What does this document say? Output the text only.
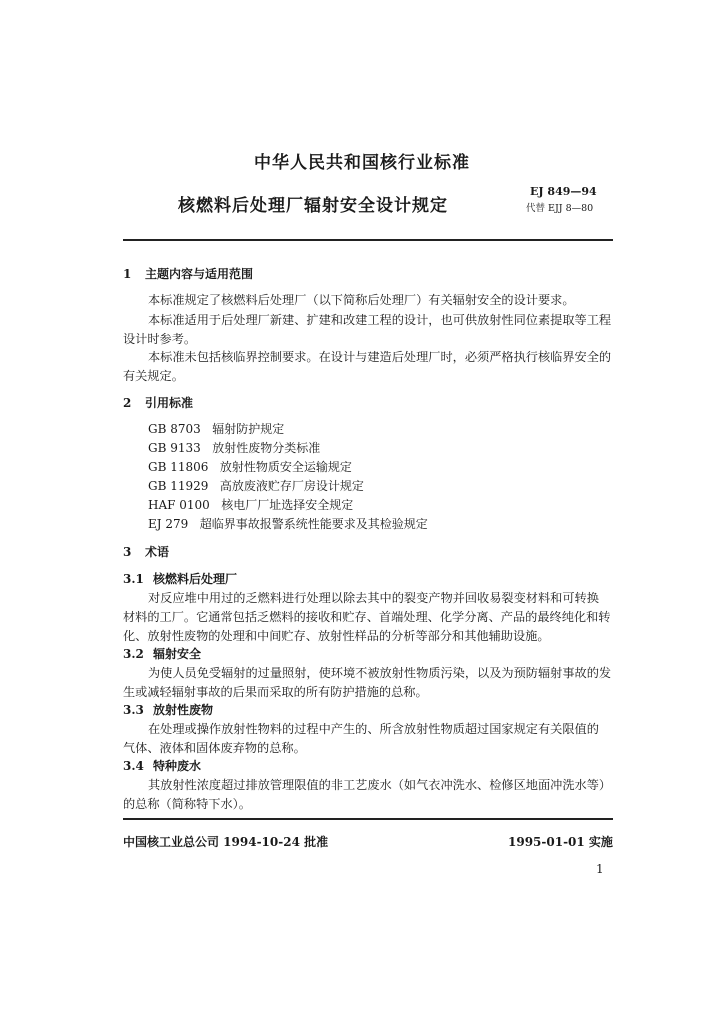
中华人民共和国核行业标准
核燃料后处理厂辐射安全设计规定
EJ 849—94
代替 EJJ 8—80
1 主题内容与适用范围
本标准规定了核燃料后处理厂（以下简称后处理厂）有关辐射安全的设计要求。
本标准适用于后处理厂新建、扩建和改建工程的设计，也可供放射性同位素提取等工程
设计时参考。
本标准未包括核临界控制要求。在设计与建造后处理厂时，必须严格执行核临界安全的
有关规定。
2 引用标准
GB 8703 辐射防护规定
GB 9133 放射性废物分类标准
GB 11806 放射性物质安全运输规定
GB 11929 高放废液贮存厂房设计规定
HAF 0100 核电厂厂址选择安全规定
EJ 279 超临界事故报警系统性能要求及其检验规定
3 术语
3.1 核燃料后处理厂
对反应堆中用过的乏燃料进行处理以除去其中的裂变产物并回收易裂变材料和可转换
材料的工厂。它通常包括乏燃料的接收和贮存、首端处理、化学分离、产品的最终纯化和转
化、放射性废物的处理和中间贮存、放射性样品的分析等部分和其他辅助设施。
3.2 辐射安全
为使人员免受辐射的过量照射，使环境不被放射性物质污染，以及为预防辐射事故的发
生或减轻辐射事故的后果而采取的所有防护措施的总称。
3.3 放射性废物
在处理或操作放射性物料的过程中产生的、所含放射性物质超过国家规定有关限值的
气体、液体和固体废弃物的总称。
3.4 特种废水
其放射性浓度超过排放管理限值的非工艺废水（如气衣冲洗水、检修区地面冲洗水等）
的总称（简称特下水）。
中国核工业总公司 1994-10-24 批准	1995-01-01 实施
1
